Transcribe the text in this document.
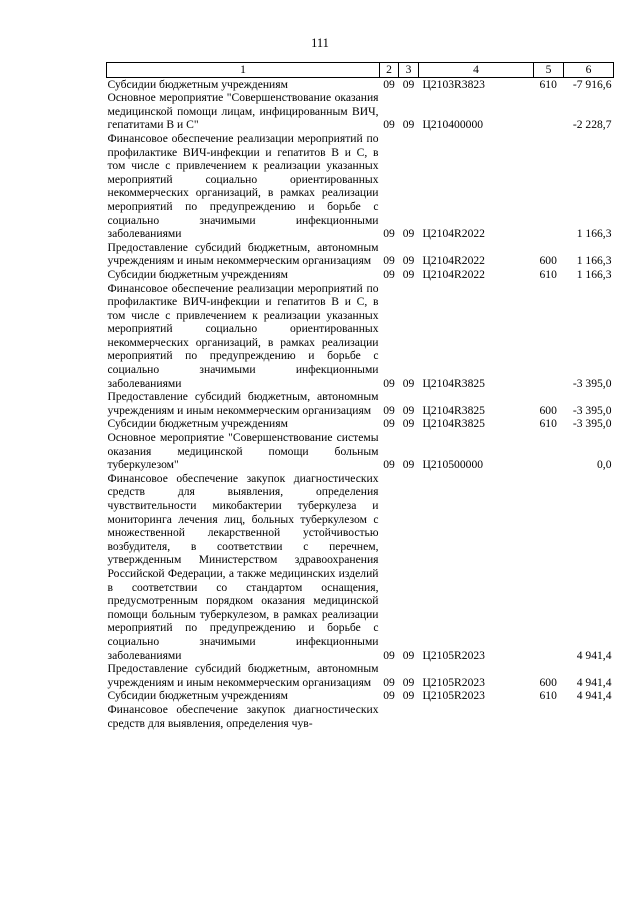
111
1	2	3	4	5	6
Субсидии бюджетным учреждениям	09	09	Ц2103R3823	610	-7 916,6
Основное мероприятие "Совершенствование оказания медицинской помощи лицам, инфицированным ВИЧ, гепатитами В и С"	09	09	Ц210400000		-2 228,7
Финансовое обеспечение реализации мероприятий по профилактике ВИЧ-инфекции и гепатитов В и С, в том числе с привлечением к реализации указанных мероприятий социально ориентированных некоммерческих организаций, в рамках реализации мероприятий по предупреждению и борьбе с социально значимыми инфекционными заболеваниями	09	09	Ц2104R2022		1 166,3
Предоставление субсидий бюджетным, автономным учреждениям и иным некоммерческим организациям	09	09	Ц2104R2022	600	1 166,3
Субсидии бюджетным учреждениям	09	09	Ц2104R2022	610	1 166,3
Финансовое обеспечение реализации мероприятий по профилактике ВИЧ-инфекции и гепатитов В и С, в том числе с привлечением к реализации указанных мероприятий социально ориентированных некоммерческих организаций, в рамках реализации мероприятий по предупреждению и борьбе с социально значимыми инфекционными заболеваниями	09	09	Ц2104R3825		-3 395,0
Предоставление субсидий бюджетным, автономным учреждениям и иным некоммерческим организациям	09	09	Ц2104R3825	600	-3 395,0
Субсидии бюджетным учреждениям	09	09	Ц2104R3825	610	-3 395,0
Основное мероприятие "Совершенствование системы оказания медицинской помощи больным туберкулезом"	09	09	Ц210500000		0,0
Финансовое обеспечение закупок диагностических средств для выявления, определения чувствительности микобактерии туберкулеза и мониторинга лечения лиц, больных туберкулезом с множественной лекарственной устойчивостью возбудителя, в соответствии с перечнем, утвержденным Министерством здравоохранения Российской Федерации, а также медицинских изделий в соответствии со стандартом оснащения, предусмотренным порядком оказания медицинской помощи больным туберкулезом, в рамках реализации мероприятий по предупреждению и борьбе с социально значимыми инфекционными заболеваниями	09	09	Ц2105R2023		4 941,4
Предоставление субсидий бюджетным, автономным учреждениям и иным некоммерческим организациям	09	09	Ц2105R2023	600	4 941,4
Субсидии бюджетным учреждениям	09	09	Ц2105R2023	610	4 941,4
Финансовое обеспечение закупок диагностических средств для выявления, определения чув-					
